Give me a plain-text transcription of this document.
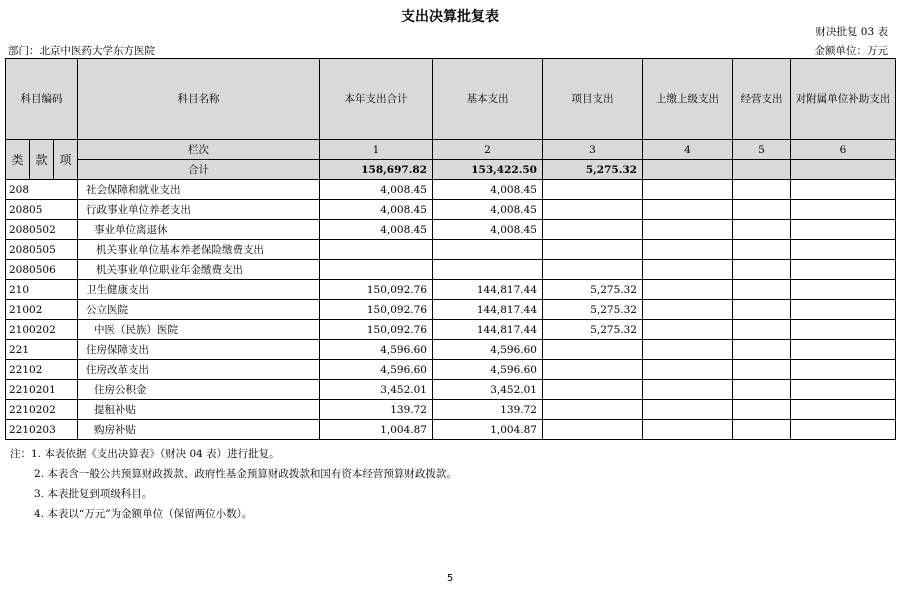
支出决算批复表
财决批复 03 表
部门：北京中医药大学东方医院	金额单位：万元
科目编码			科目名称	本年支出合计	基本支出	项目支出	上缴上级支出	经营支出	对附属单位补助支出
类	款	项	栏次	1	2	3	4	5	6
			合计	158,697.82	153,422.50	5,275.32			
208			社会保障和就业支出	4,008.45	4,008.45				
20805			行政事业单位养老支出	4,008.45	4,008.45				
2080502			事业单位离退休	4,008.45	4,008.45				
2080505			机关事业单位基本养老保险缴费支出						
2080506			机关事业单位职业年金缴费支出						
210			卫生健康支出	150,092.76	144,817.44	5,275.32			
21002			公立医院	150,092.76	144,817.44	5,275.32			
2100202			中医（民族）医院	150,092.76	144,817.44	5,275.32			
221			住房保障支出	4,596.60	4,596.60				
22102			住房改革支出	4,596.60	4,596.60				
2210201			住房公积金	3,452.01	3,452.01				
2210202			提租补贴	139.72	139.72				
2210203			购房补贴	1,004.87	1,004.87				
注：1. 本表依据《支出决算表》（财决 04 表）进行批复。
2. 本表含一般公共预算财政拨款、政府性基金预算财政拨款和国有资本经营预算财政拨款。
3. 本表批复到项级科目。
4. 本表以“万元”为金额单位（保留两位小数）。
5
